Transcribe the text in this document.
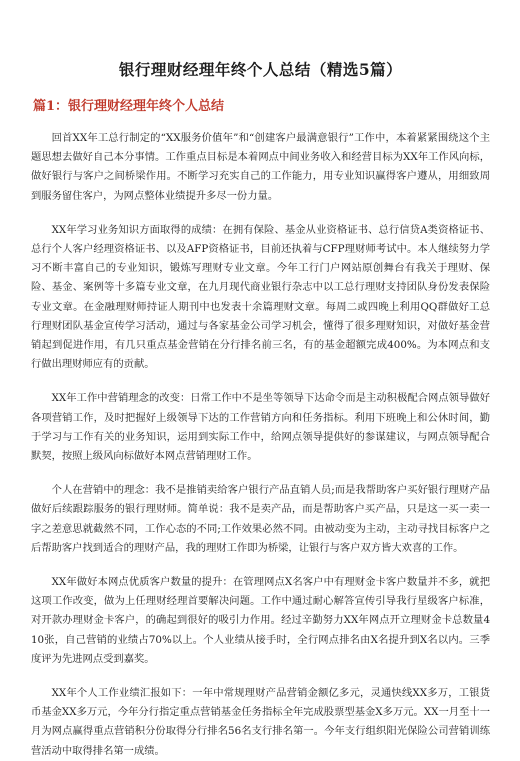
银行理财经理年终个人总结（精选5篇）
篇1：银行理财经理年终个人总结

回首XX年工总行制定的“XX服务价值年”和“创建客户最满意银行”工作中，本着紧紧围绕这个主题思想去做好自己本分事情。工作重点目标是本着网点中间业务收入和经营目标为XX年工作风向标，做好银行与客户之间桥梁作用。不断学习充实自己的工作能力，用专业知识赢得客户遵从，用细致周到服务留住客户，为网点整体业绩提升多尽一份力量。

XX年学习业务知识方面取得的成绩：在拥有保险、基金从业资格证书、总行信贷A类资格证书、总行个人客户经理资格证书、以及AFP资格证书，目前还执着与CFP理财师考试中。本人继续努力学习不断丰富自己的专业知识，锻炼写理财专业文章。今年工行门户网站原创舞台有我关于理财、保险、基金、案例等十多篇专业文章，在九月现代商业银行杂志中以工总行理财支持团队身份发表保险专业文章。在金融理财师持证人期刊中也发表十余篇理财文章。每周二或四晚上利用QQ群做好工总行理财团队基金宣传学习活动，通过与各家基金公司学习机会，懂得了很多理财知识，对做好基金营销起到促进作用，有几只重点基金营销在分行排名前三名，有的基金超额完成400%。为本网点和支行做出理财师应有的贡献。

XX年工作中营销理念的改变：日常工作中不是坐等领导下达命令而是主动积极配合网点领导做好各项营销工作，及时把握好上级领导下达的工作营销方向和任务指标。利用下班晚上和公休时间，勤于学习与工作有关的业务知识，运用到实际工作中，给网点领导提供好的参谋建议，与网点领导配合默契，按照上级风向标做好本网点营销理财工作。

个人在营销中的理念：我不是推销卖给客户银行产品直销人员;而是我帮助客户买好银行理财产品做好后续跟踪服务的银行理财师。简单说：我不是卖产品，而是帮助客户买产品，只是这一买一卖一字之差意思就截然不同，工作心态的不同;工作效果必然不同。由被动变为主动，主动寻找目标客户之后帮助客户找到适合的理财产品，我的理财工作即为桥梁，让银行与客户双方皆大欢喜的工作。

XX年做好本网点优质客户数量的提升：在管理网点X名客户中有理财金卡客户数量并不多，就把这项工作改变，做为上任理财经理首要解决问题。工作中通过耐心解答宣传引导我行星级客户标准，对开款办理财金卡客户，的确起到很好的吸引力作用。经过辛勤努力XX年网点开立理财金卡总数量410张，自己营销的业绩占70%以上。个人业绩从接手时，全行网点排名由X名提升到X名以内。三季度评为先进网点受到嘉奖。

XX年个人工作业绩汇报如下：一年中常规理财产品营销金额亿多元，灵通快线XX多万，工银货币基金XX多万元，今年分行指定重点营销基金任务指标全年完成股票型基金X多万元。XX一月至十一月为网点赢得重点营销积分份取得分行排名56名支行排名第一。今年支行组织阳光保险公司营销训练营活动中取得排名第一成绩。
